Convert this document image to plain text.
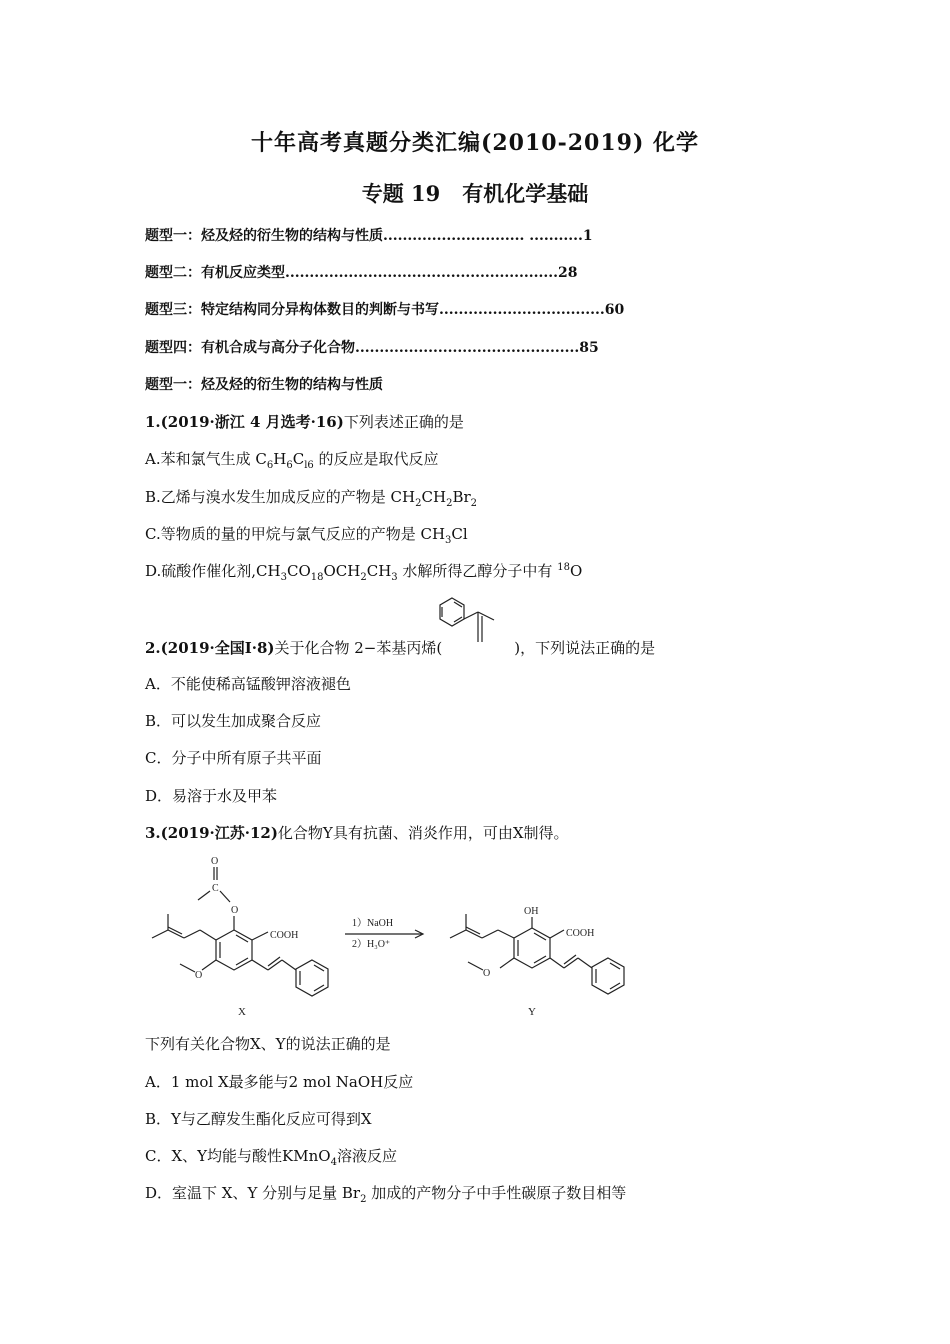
十年高考真题分类汇编(2010-2019) 化学
专题 19 有机化学基础
题型一：烃及烃的衍生物的结构与性质............................. ...........1
题型二：有机反应类型........................................................28
题型三：特定结构同分异构体数目的判断与书写..................................60
题型四：有机合成与高分子化合物..............................................85
题型一：烃及烃的衍生物的结构与性质
1.(2019·浙江 4 月选考·16)下列表述正确的是
A.苯和氯气生成 $C_6H_6C_{l6}$ 的反应是取代反应
B.乙烯与溴水发生加成反应的产物是 $CH_2CH_2Br_2$
C.等物质的量的甲烷与氯气反应的产物是 $CH_3Cl$
D.硫酸作催化剂$,CH_3CO_{18}OCH_2CH_3$ 水解所得乙醇分子中有 $^{18}$O
2.(2019·全国Ⅰ·8)关于化合物 2−苯基丙烯(	)，下列说法正确的是
A．不能使稀高锰酸钾溶液褪色
B．可以发生加成聚合反应
C．分子中所有原子共平面
D．易溶于水及甲苯
3.(2019·江苏·12)化合物Y具有抗菌、消炎作用，可由X制得。
O
C
O
COOH
O
X
1）NaOH
2）H₃O⁺
OH
COOH
O
Y
下列有关化合物X、Y的说法正确的是
A．1 mol X最多能与2 mol NaOH反应
B．Y与乙醇发生酯化反应可得到X
C．X、Y均能与酸性KMnO$_4$溶液反应
D．室温下 X、Y 分别与足量 $Br_2$ 加成的产物分子中手性碳原子数目相等
